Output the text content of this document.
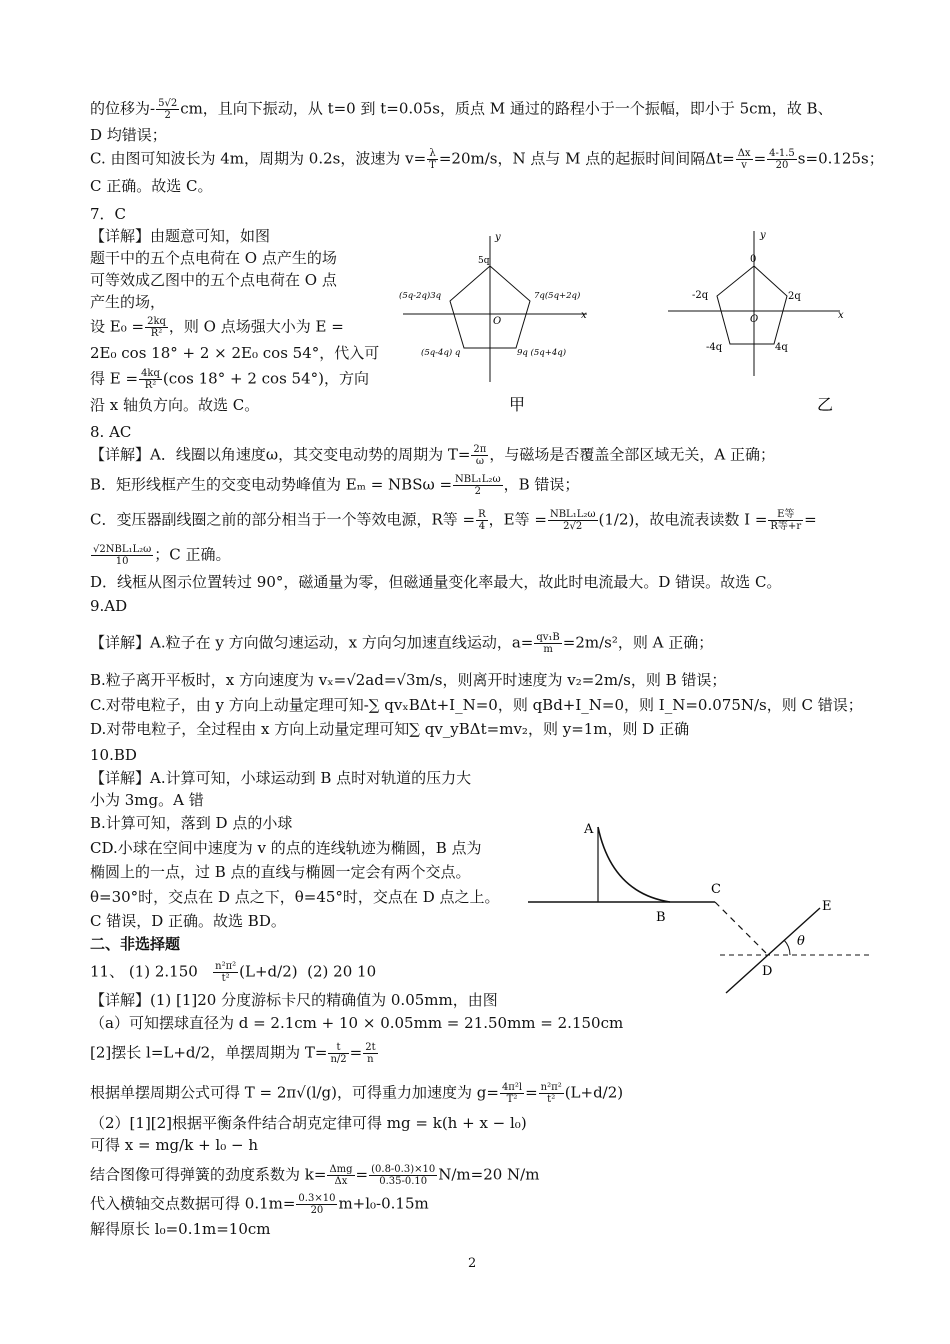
的位移为- $\frac{5√2}{2}$ cm，且向下振动，从 t=0 到 t=0.05s，质点 M 通过的路程小于一个振幅，即小于 5cm，故 B、
D 均错误；
C. 由图可知波长为 4m，周期为 0.2s，波速为 $v= \frac{\lambda}{T} =20m/s$，N 点与 M 点的起振时间间隔$\Delta t= \frac{\Delta x}{v} = \frac{4-1.5}{20} s=0.125s$；
C 正确。故选 C。
7．C
【详解】由题意可知，如图
题干中的五个点电荷在 O 点产生的场
可等效成乙图中的五个点电荷在 O 点
产生的场，
设 $E_0 = \frac{2kq}{\text{R²}}$ ，则 O 点场强大小为 E =
2E₀ cos 18° + 2 × 2E₀ cos 54°，代入可
得 $E = \frac{4kq}{\text{R²}} (\cos$ 18° + 2 cos 54°)，方向
沿 x 轴负方向。故选 C。
y
x
O
5q
(5q-2q)3q	7q(5q+2q)
(5q-4q) q	9q (5q+4q)
甲
y
x
O
0
-2q	2q
-4q	4q
乙
8. AC
【详解】A．线圈以角速度ω，其交变电动势的周期为 $T= \frac{2\pi}{\omega}$ ，与磁场是否覆盖全部区域无关，A 正确；
B．矩形线框产生的交变电动势峰值为 Eₘ = NBSω = NBL₁L₂ω
2	，B 错误；
C．变压器副线圈之前的部分相当于一个等效电源，R等 = $\frac{R}{4}$ ，E等 = NBL₁L₂ω
2√2	(1/2)，故电流表读数 I = E等
R等+r =
√2NBL₁L₂ω
10	；C 正确。
D．线框从图示位置转过 90°，磁通量为零，但磁通量变化率最大，故此时电流最大。D 错误。故选 C。
9.AD
【详解】A.粒子在 y 方向做匀速运动，x 方向匀加速直线运动，$a= \frac{\text{qv₁B}}{m} =2m/s^2$，则 A 正确；
B.粒子离开平板时，x 方向速度为 vₓ=√2ad=√3m/s，则离开时速度为 v₂=2m/s，则 B 错误；
C.对带电粒子，由 y 方向上动量定理可知-∑ qvₓBΔt+I_N=0，则 qBd+I_N=0，则 I_N=0.075N/s，则 C 错误；
D.对带电粒子，全过程由 x 方向上动量定理可知∑ qv_yBΔt=mv₂，则 y=1m，则 D 正确
10.BD
【详解】A.计算可知，小球运动到 B 点时对轨道的压力大
小为 3mg。A 错
B.计算可知，落到 D 点的小球
CD.小球在空间中速度为 v 的点的连线轨迹为椭圆，B 点为
椭圆上的一点，过 B 点的直线与椭圆一定会有两个交点。
θ=30°时，交点在 D 点之下，θ=45°时，交点在 D 点之上。
C 错误，D 正确。故选 BD。
A
B
C
D
E
θ
二、非选择题
11、 (1) $2.150 \frac{\text{n²π²}}{\text{t²}} (L+d/2)$ (2) 20 10
【详解】(1) [1]20 分度游标卡尺的精确值为 0.05mm，由图
（a）可知摆球直径为 d = 2.1cm + 10 × 0.05mm = 21.50mm = 2.150cm
[2]摆长 l=L+d/2，单摆周期为 $T= \frac{t}{n/2} = \frac{2t}{n}$
根据单摆周期公式可得 T = 2π√(l/g)，可得重力加速度为 $g= \frac{\text{4π²l}}{\text{T²}} = \frac{\text{n²π²}}{\text{t²}} (L+d/2)$
（2）[1][2]根据平衡条件结合胡克定律可得 mg = k(h + x − l₀)
可得 x = mg/k + l₀ − h
结合图像可得弹簧的劲度系数为 k= Δmg
$\Delta x = \frac{(0.8-0.3)\times 10}{0.35-0.10} N/m=20$ N/m
代入横轴交点数据可得 $0.1m= \frac{0.3\times 10}{20} m+l_0-0.15m$
解得原长 l₀=0.1m=10cm
2
